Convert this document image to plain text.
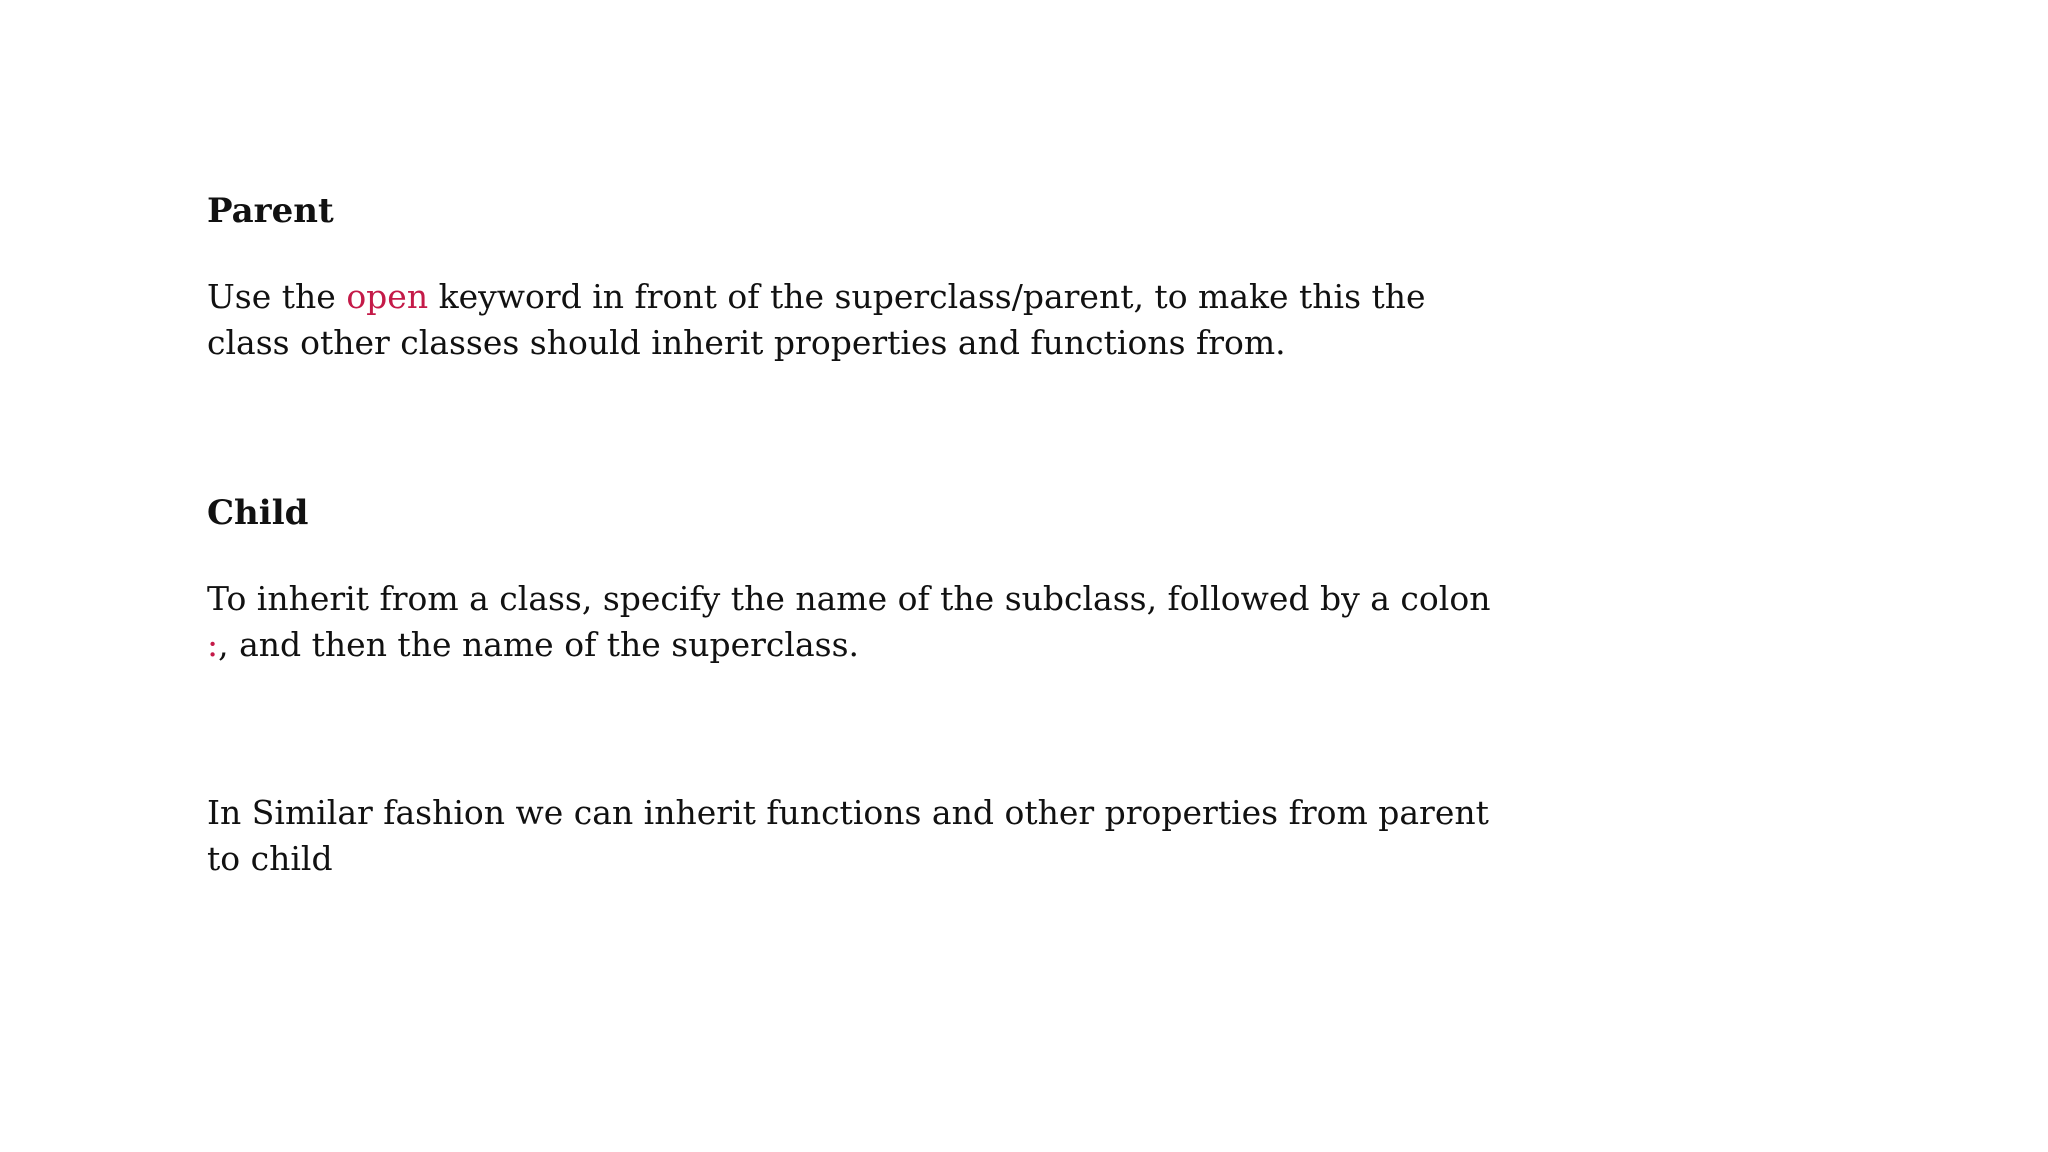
Parent

Use the open keyword in front of the superclass/parent, to make this the class other classes should inherit properties and functions from.

Child

To inherit from a class, specify the name of the subclass, followed by a colon :, and then the name of the superclass.

In Similar fashion we can inherit functions and other properties from parent to child
